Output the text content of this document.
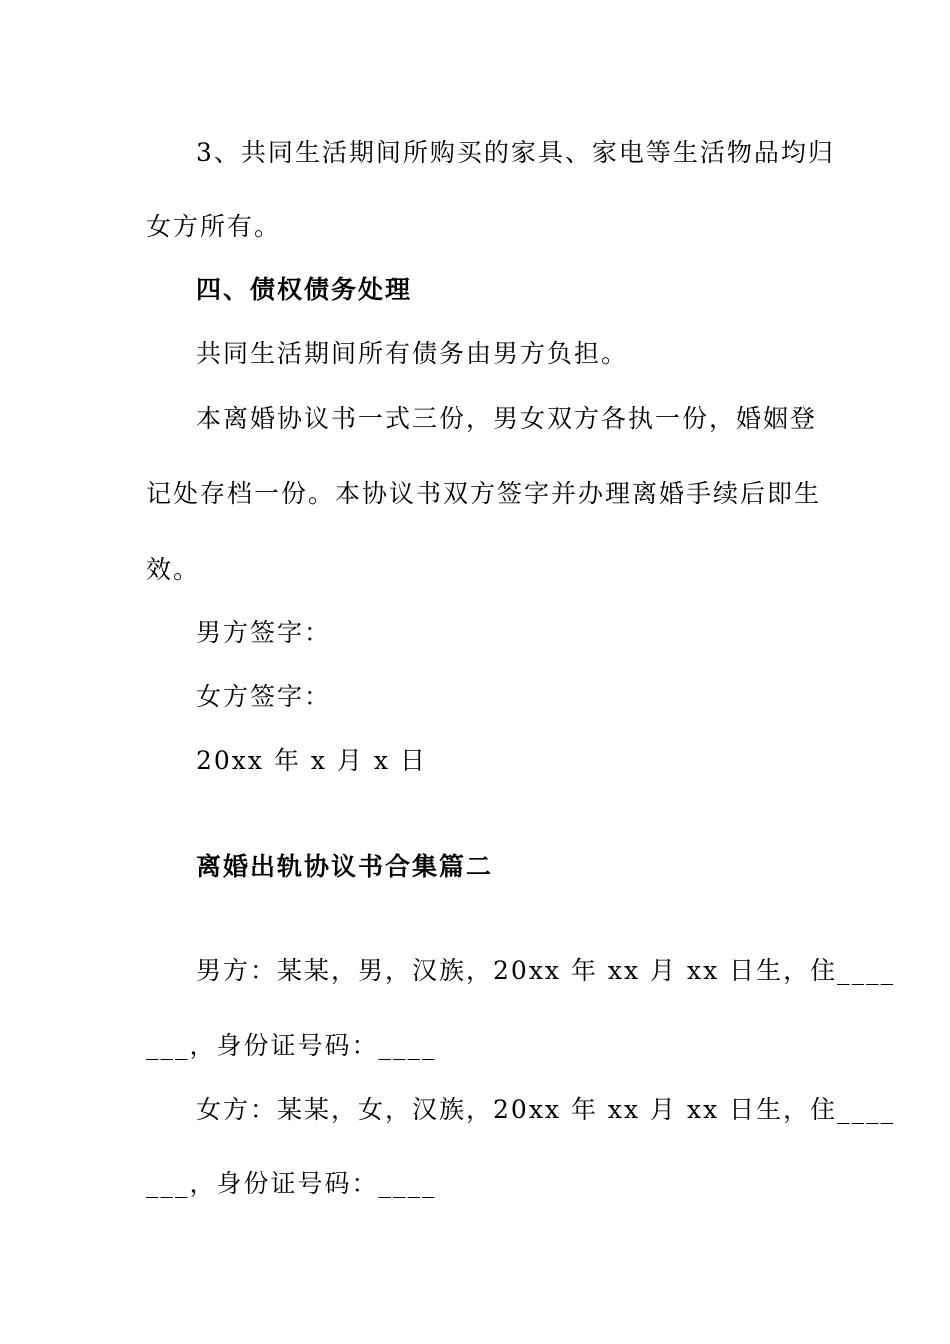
3、共同生活期间所购买的家具、家电等生活物品均归
女方所有。
四、债权债务处理
共同生活期间所有债务由男方负担。
本离婚协议书一式三份，男女双方各执一份，婚姻登
记处存档一份。本协议书双方签字并办理离婚手续后即生
效。
男方签字：
女方签字：
20xx 年 x 月 x 日
离婚出轨协议书合集篇二
男方：某某，男，汉族，20xx 年 xx 月 xx 日生，住____
___，身份证号码：____
女方：某某，女，汉族，20xx 年 xx 月 xx 日生，住____
___，身份证号码：____
